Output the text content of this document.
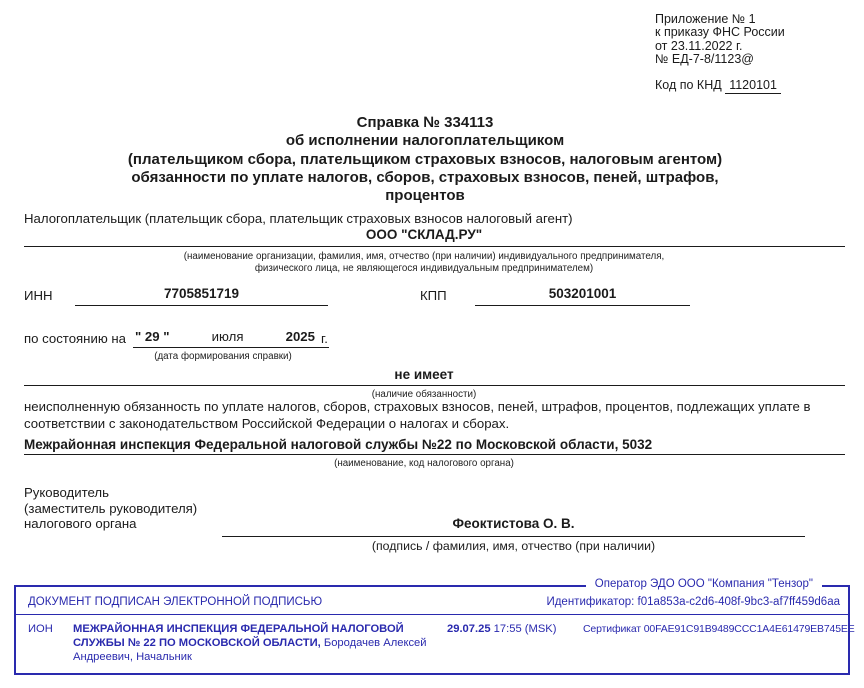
Приложение № 1
к приказу ФНС России
от 23.11.2022 г.
№ ЕД-7-8/1123@
Код по КНД 1120101
Справка № 334113
об исполнении налогоплательщиком
(плательщиком сбора, плательщиком страховых взносов, налоговым агентом)
обязанности по уплате налогов, сборов, страховых взносов, пеней, штрафов,
процентов
Налогоплательщик (плательщик сбора, плательщик страховых взносов налоговый агент)
ООО "СКЛАД.РУ"
(наименование организации, фамилия, имя, отчество (при наличии) индивидуального предпринимателя,
физического лица, не являющегося индивидуальным предпринимателем)
ИНН	7705851719	КПП	503201001
по состоянию на " 29 "	июля	2025 г.
(дата формирования справки)
не имеет
(наличие обязанности)
неисполненную обязанность по уплате налогов, сборов, страховых взносов, пеней, штрафов, процентов, подлежащих уплате в соответствии с законодательством Российской Федерации о налогах и сборах.
Межрайонная инспекция Федеральной налоговой службы №22 по Московской области, 5032
(наименование, код налогового органа)
Руководитель
(заместитель руководителя)
налогового органа	Феоктистова О. В.
(подпись / фамилия, имя, отчество (при наличии)
Оператор ЭДО ООО "Компания "Тензор"
ДОКУМЕНТ ПОДПИСАН ЭЛЕКТРОННОЙ ПОДПИСЬЮ	Идентификатор: f01a853a-c2d6-408f-9bc3-af7ff459d6aa
ИОН	МЕЖРАЙОННАЯ ИНСПЕКЦИЯ ФЕДЕРАЛЬНОЙ НАЛОГОВОЙ СЛУЖБЫ № 22 ПО МОСКОВСКОЙ ОБЛАСТИ, Бородачев Алексей Андреевич, Начальник
29.07.25 17:55 (MSK)	Сертификат 00FAE91C91B9489CCC1A4E61479EB745EE
